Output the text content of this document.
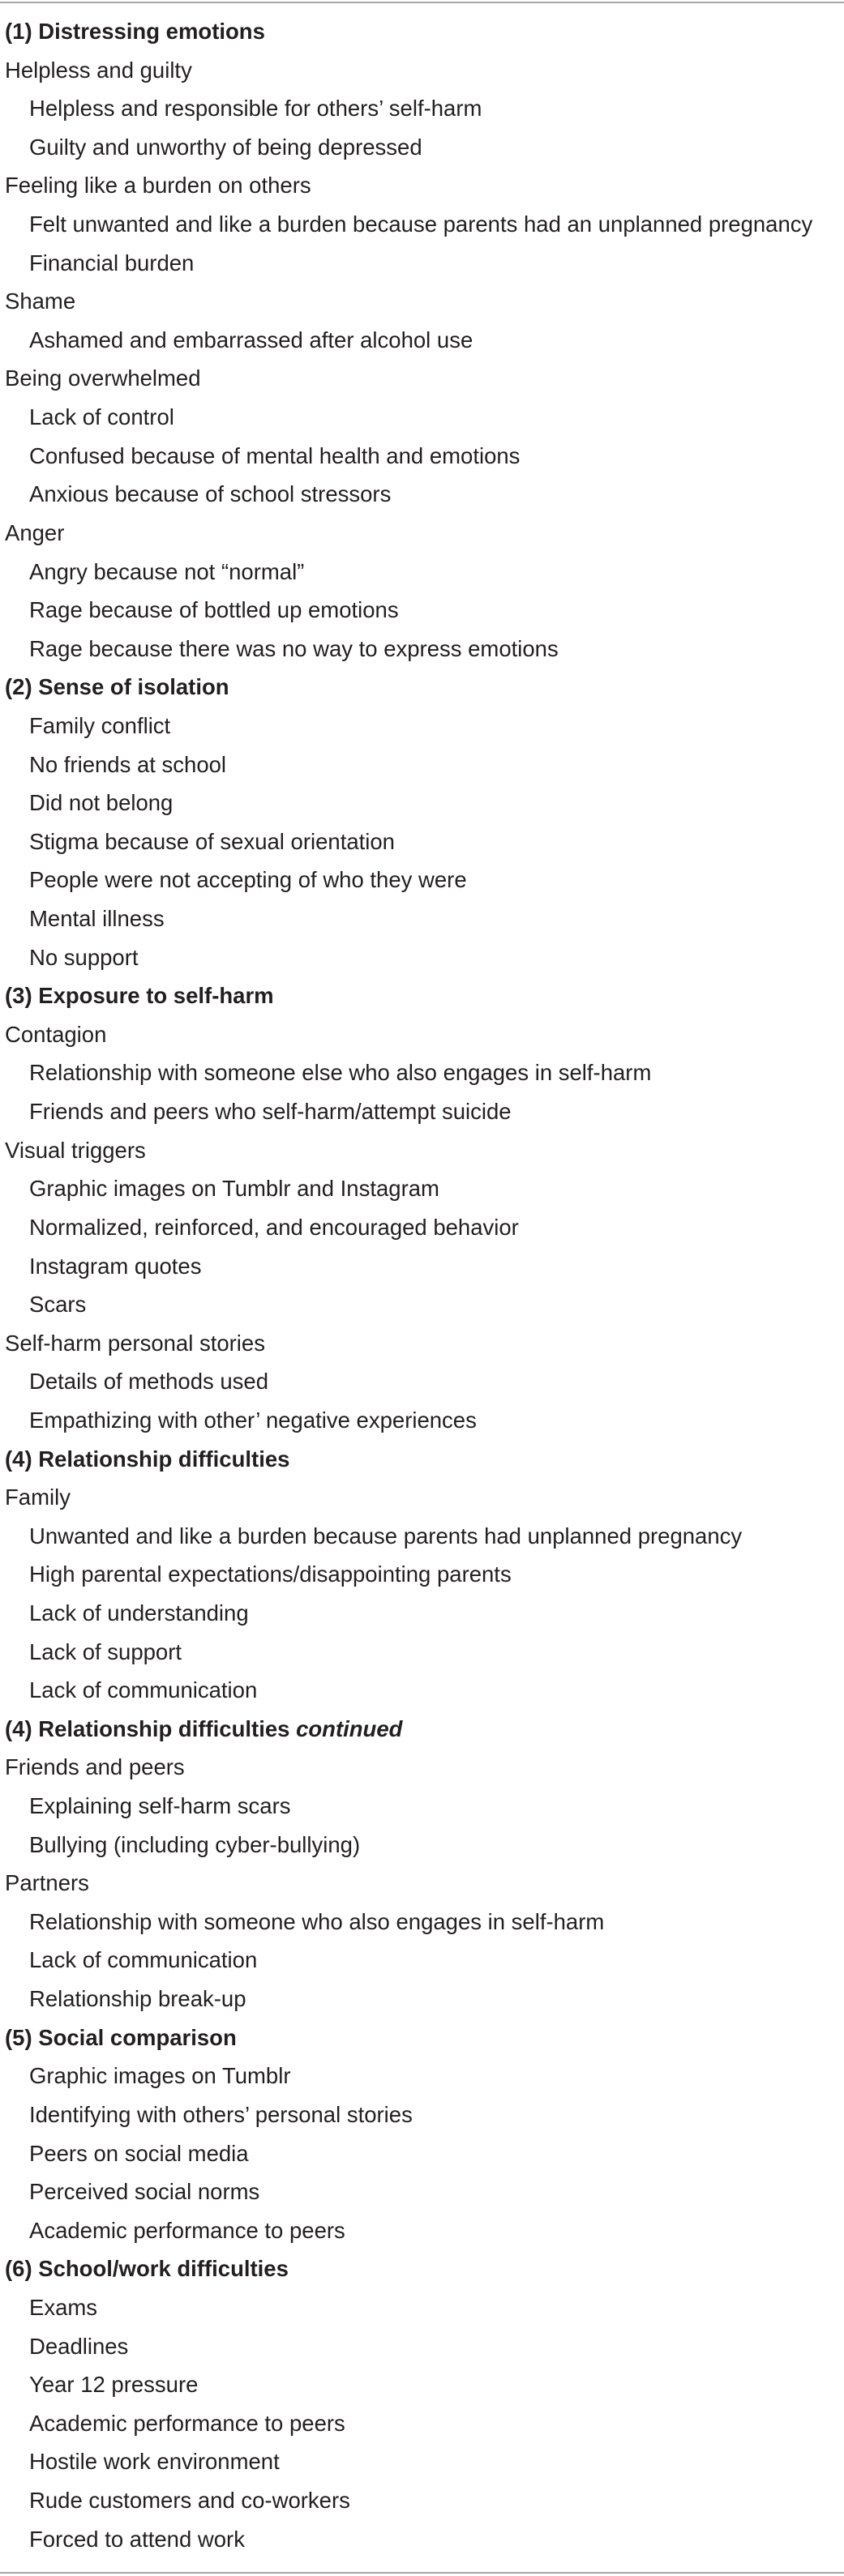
(1) Distressing emotions
Helpless and guilty
Helpless and responsible for others’ self-harm
Guilty and unworthy of being depressed
Feeling like a burden on others
Felt unwanted and like a burden because parents had an unplanned pregnancy
Financial burden
Shame
Ashamed and embarrassed after alcohol use
Being overwhelmed
Lack of control
Confused because of mental health and emotions
Anxious because of school stressors
Anger
Angry because not “normal”
Rage because of bottled up emotions
Rage because there was no way to express emotions
(2) Sense of isolation
Family conflict
No friends at school
Did not belong
Stigma because of sexual orientation
People were not accepting of who they were
Mental illness
No support
(3) Exposure to self-harm
Contagion
Relationship with someone else who also engages in self-harm
Friends and peers who self-harm/attempt suicide
Visual triggers
Graphic images on Tumblr and Instagram
Normalized, reinforced, and encouraged behavior
Instagram quotes
Scars
Self-harm personal stories
Details of methods used
Empathizing with other’ negative experiences
(4) Relationship difficulties
Family
Unwanted and like a burden because parents had unplanned pregnancy
High parental expectations/disappointing parents
Lack of understanding
Lack of support
Lack of communication
(4) Relationship difficulties continued
Friends and peers
Explaining self-harm scars
Bullying (including cyber-bullying)
Partners
Relationship with someone who also engages in self-harm
Lack of communication
Relationship break-up
(5) Social comparison
Graphic images on Tumblr
Identifying with others’ personal stories
Peers on social media
Perceived social norms
Academic performance to peers
(6) School/work difficulties
Exams
Deadlines
Year 12 pressure
Academic performance to peers
Hostile work environment
Rude customers and co-workers
Forced to attend work
